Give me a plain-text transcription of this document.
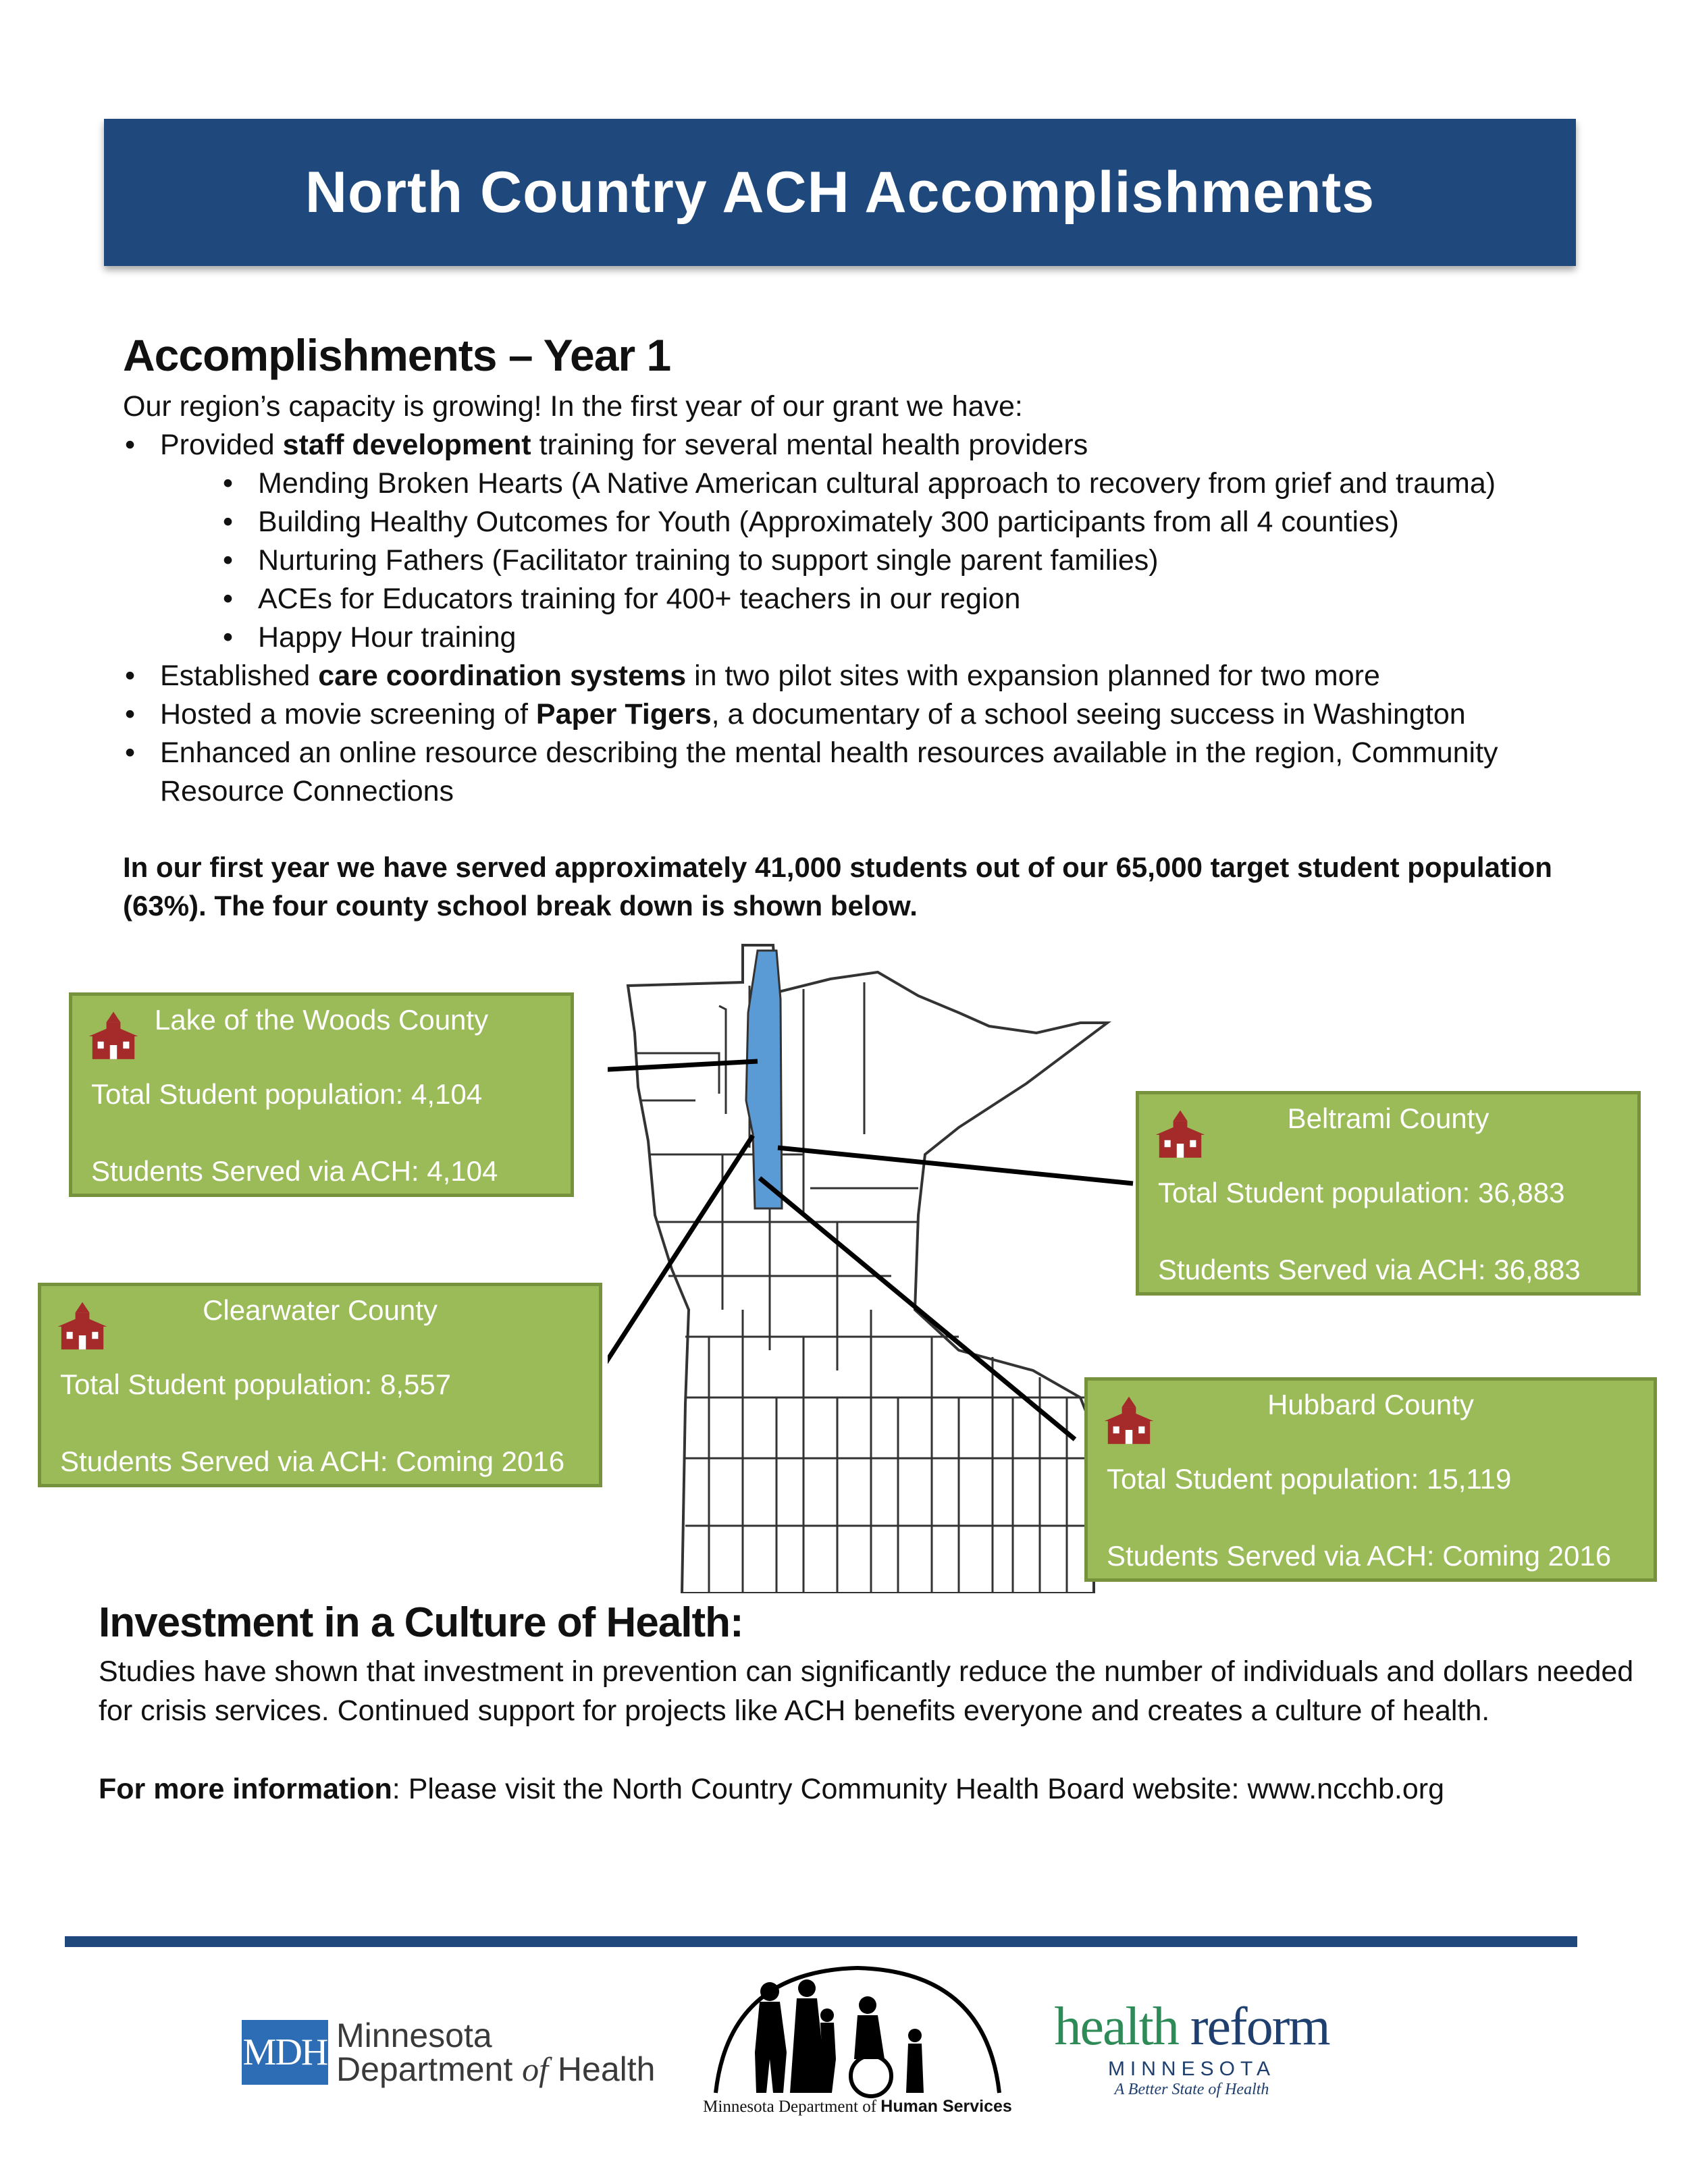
North Country ACH Accomplishments
Accomplishments – Year 1
Our region’s capacity is growing! In the first year of our grant we have:
• Provided staff development training for several mental health providers
• Mending Broken Hearts (A Native American cultural approach to recovery from grief and trauma)
• Building Healthy Outcomes for Youth (Approximately 300 participants from all 4 counties)
• Nurturing Fathers (Facilitator training to support single parent families)
• ACEs for Educators training for 400+ teachers in our region
• Happy Hour training
• Established care coordination systems in two pilot sites with expansion planned for two more
• Hosted a movie screening of Paper Tigers, a documentary of a school seeing success in Washington
• Enhanced an online resource describing the mental health resources available in the region, Community Resource Connections
In our first year we have served approximately 41,000 students out of our 65,000 target student population (63%). The four county school break down is shown below.
Lake of the Woods County
Total Student population: 4,104
Students Served via ACH: 4,104
Beltrami County
Total Student population: 36,883
Students Served via ACH: 36,883
Clearwater County
Total Student population: 8,557
Students Served via ACH: Coming 2016
Hubbard County
Total Student population: 15,119
Students Served via ACH: Coming 2016
Investment in a Culture of Health:
Studies have shown that investment in prevention can significantly reduce the number of individuals and dollars needed for crisis services. Continued support for projects like ACH benefits everyone and creates a culture of health.
For more information: Please visit the North Country Community Health Board website: www.ncchb.org
MDH Minnesota
Department of Health
Minnesota Department of Human Services
health reform
MINNESOTA
A Better State of Health
